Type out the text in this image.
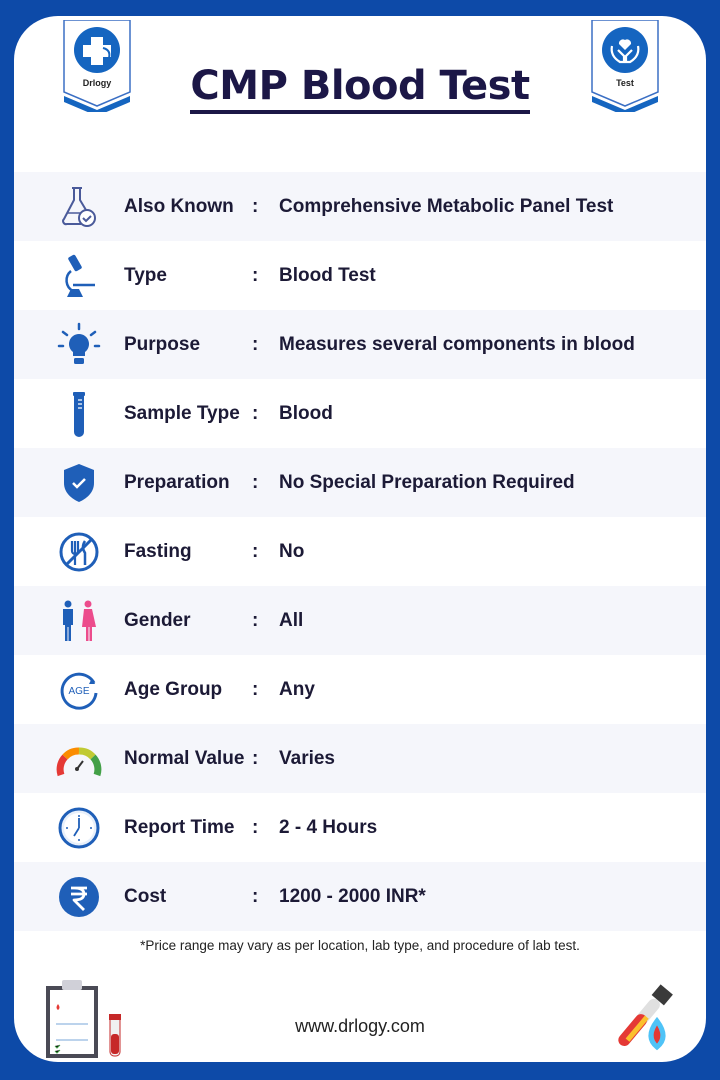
Drlogy	Test
CMP Blood Test
Also Known : Comprehensive Metabolic Panel Test
Type	: Blood Test
Purpose	: Measures several components in blood
Sample Type : Blood
Preparation : No Special Preparation Required
Fasting	: No
Gender	: All
AGE Age Group : Any
Normal Value : Varies
Report Time : 2 - 4 Hours
Cost	: 1200 - 2000 INR*
*Price range may vary as per location, lab type, and procedure of lab test.
www.drlogy.com
